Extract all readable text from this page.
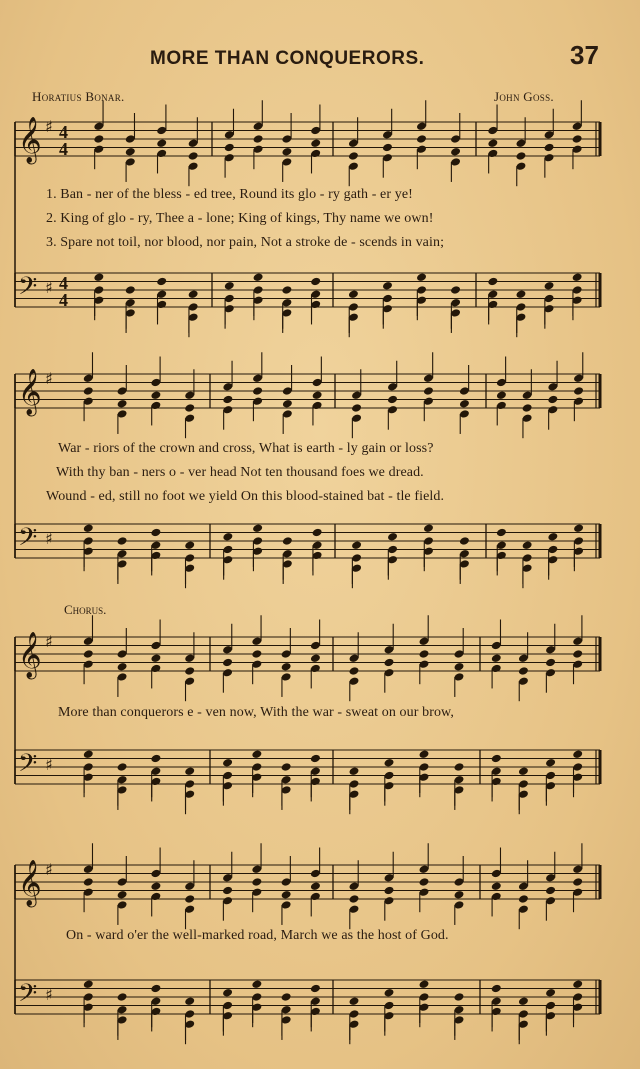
MORE THAN CONQUERORS.	37
Horatius Bonar.	John Goss.
Chorus.
𝄞 ♯ 4
4
𝄢 ♯ 4
4
𝄞 ♯
𝄢 ♯
𝄞 ♯
𝄢 ♯
𝄞 ♯
𝄢 ♯
1. Ban - ner of the bless - ed tree, Round its glo - ry gath - er ye!
2. King of glo - ry, Thee a - lone; King of kings, Thy name we own!
3. Spare not toil, nor blood, nor pain, Not a stroke de - scends in vain;
War - riors of the crown and cross, What is earth - ly gain or loss?
With thy ban - ners o - ver head Not ten thousand foes we dread.
Wound - ed, still no foot we yield On this blood-stained bat - tle field.
More than conquerors e - ven now, With the war - sweat on our brow,
On - ward o'er the well-marked road, March we as the host of God.
